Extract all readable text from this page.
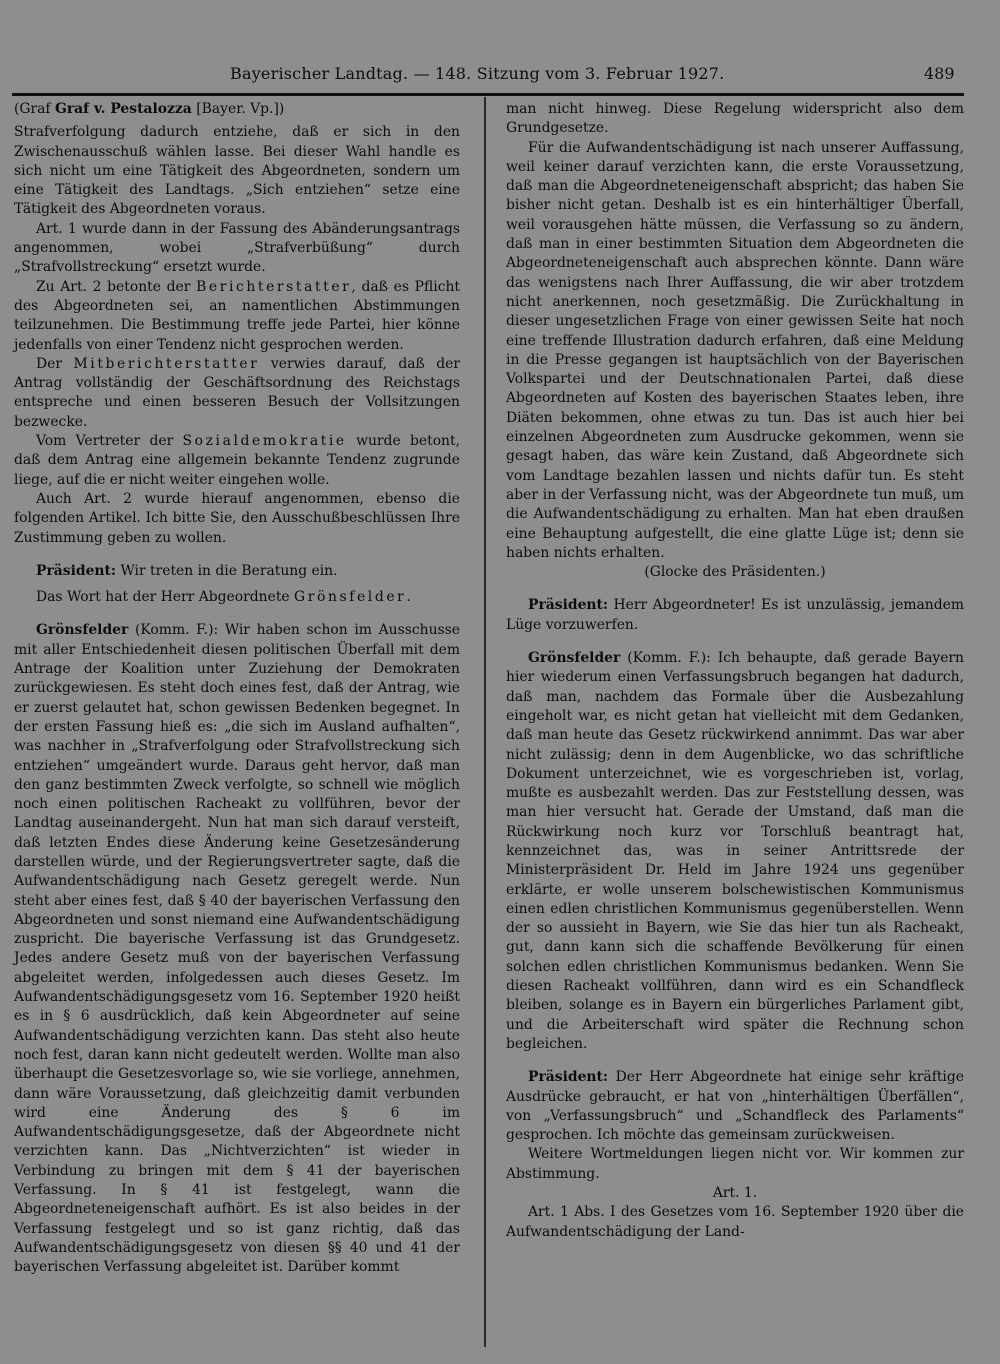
Bayerischer Landtag. — 148. Sitzung vom 3. Februar 1927.	489
(Graf Graf v. Pestalozza [Bayer. Vp.])

Strafverfolgung dadurch entziehe, daß er sich in den Zwischenausschuß wählen lasse. Bei dieser Wahl handle es sich nicht um eine Tätigkeit des Abgeordneten, sondern um eine Tätigkeit des Landtags. „Sich entziehen“ setze eine Tätigkeit des Abgeordneten voraus.

Art. 1 wurde dann in der Fassung des Abänderungsantrags angenommen, wobei „Strafverbüßung“ durch „Strafvollstreckung“ ersetzt wurde.

Zu Art. 2 betonte der Berichterstatter, daß es Pflicht des Abgeordneten sei, an namentlichen Abstimmungen teilzunehmen. Die Bestimmung treffe jede Partei, hier könne jedenfalls von einer Tendenz nicht gesprochen werden.

Der Mitberichterstatter verwies darauf, daß der Antrag vollständig der Geschäftsordnung des Reichstags entspreche und einen besseren Besuch der Vollsitzungen bezwecke.

Vom Vertreter der Sozialdemokratie wurde betont, daß dem Antrag eine allgemein bekannte Tendenz zugrunde liege, auf die er nicht weiter eingehen wolle.

Auch Art. 2 wurde hierauf angenommen, ebenso die folgenden Artikel. Ich bitte Sie, den Ausschußbeschlüssen Ihre Zustimmung geben zu wollen.

Präsident: Wir treten in die Beratung ein.

Das Wort hat der Herr Abgeordnete Grönsfelder.

Grönsfelder (Komm. F.): Wir haben schon im Ausschusse mit aller Entschiedenheit diesen politischen Überfall mit dem Antrage der Koalition unter Zuziehung der Demokraten zurückgewiesen. Es steht doch eines fest, daß der Antrag, wie er zuerst gelautet hat, schon gewissen Bedenken begegnet. In der ersten Fassung hieß es: „die sich im Ausland aufhalten“, was nachher in „Strafverfolgung oder Strafvollstreckung sich entziehen“ umgeändert wurde. Daraus geht hervor, daß man den ganz bestimmten Zweck verfolgte, so schnell wie möglich noch einen politischen Racheakt zu vollführen, bevor der Landtag auseinandergeht. Nun hat man sich darauf versteift, daß letzten Endes diese Änderung keine Gesetzesänderung darstellen würde, und der Regierungsvertreter sagte, daß die Aufwandentschädigung nach Gesetz geregelt werde. Nun steht aber eines fest, daß § 40 der bayerischen Verfassung den Abgeordneten und sonst niemand eine Aufwandentschädigung zuspricht. Die bayerische Verfassung ist das Grundgesetz. Jedes andere Gesetz muß von der bayerischen Verfassung abgeleitet werden, infolgedessen auch dieses Gesetz. Im Aufwandentschädigungsgesetz vom 16. September 1920 heißt es in § 6 ausdrücklich, daß kein Abgeordneter auf seine Aufwandentschädigung verzichten kann. Das steht also heute noch fest, daran kann nicht gedeutelt werden. Wollte man also überhaupt die Gesetzesvorlage so, wie sie vorliege, annehmen, dann wäre Voraussetzung, daß gleichzeitig damit verbunden wird eine Änderung des § 6 im Aufwandentschädigungsgesetze, daß der Abgeordnete nicht verzichten kann. Das „Nichtverzichten“ ist wieder in Verbindung zu bringen mit dem § 41 der bayerischen Verfassung. In § 41 ist festgelegt, wann die Abgeordneteneigenschaft aufhört. Es ist also beides in der Verfassung festgelegt und so ist ganz richtig, daß das Aufwandentschädigungsgesetz von diesen §§ 40 und 41 der bayerischen Verfassung abgeleitet ist. Darüber kommt

man nicht hinweg. Diese Regelung widerspricht also dem Grundgesetze.

Für die Aufwandentschädigung ist nach unserer Auffassung, weil keiner darauf verzichten kann, die erste Voraussetzung, daß man die Abgeordneteneigenschaft abspricht; das haben Sie bisher nicht getan. Deshalb ist es ein hinterhältiger Überfall, weil vorausgehen hätte müssen, die Verfassung so zu ändern, daß man in einer bestimmten Situation dem Abgeordneten die Abgeordneteneigenschaft auch absprechen könnte. Dann wäre das wenigstens nach Ihrer Auffassung, die wir aber trotzdem nicht anerkennen, noch gesetzmäßig. Die Zurückhaltung in dieser ungesetzlichen Frage von einer gewissen Seite hat noch eine treffende Illustration dadurch erfahren, daß eine Meldung in die Presse gegangen ist hauptsächlich von der Bayerischen Volkspartei und der Deutschnationalen Partei, daß diese Abgeordneten auf Kosten des bayerischen Staates leben, ihre Diäten bekommen, ohne etwas zu tun. Das ist auch hier bei einzelnen Abgeordneten zum Ausdrucke gekommen, wenn sie gesagt haben, das wäre kein Zustand, daß Abgeordnete sich vom Landtage bezahlen lassen und nichts dafür tun. Es steht aber in der Verfassung nicht, was der Abgeordnete tun muß, um die Aufwandentschädigung zu erhalten. Man hat eben draußen eine Behauptung aufgestellt, die eine glatte Lüge ist; denn sie haben nichts erhalten.

(Glocke des Präsidenten.)

Präsident: Herr Abgeordneter! Es ist unzulässig, jemandem Lüge vorzuwerfen.

Grönsfelder (Komm. F.): Ich behaupte, daß gerade Bayern hier wiederum einen Verfassungsbruch begangen hat dadurch, daß man, nachdem das Formale über die Ausbezahlung eingeholt war, es nicht getan hat vielleicht mit dem Gedanken, daß man heute das Gesetz rückwirkend annimmt. Das war aber nicht zulässig; denn in dem Augenblicke, wo das schriftliche Dokument unterzeichnet, wie es vorgeschrieben ist, vorlag, mußte es ausbezahlt werden. Das zur Feststellung dessen, was man hier versucht hat. Gerade der Umstand, daß man die Rückwirkung noch kurz vor Torschluß beantragt hat, kennzeichnet das, was in seiner Antrittsrede der Ministerpräsident Dr. Held im Jahre 1924 uns gegenüber erklärte, er wolle unserem bolschewistischen Kommunismus einen edlen christlichen Kommunismus gegenüberstellen. Wenn der so aussieht in Bayern, wie Sie das hier tun als Racheakt, gut, dann kann sich die schaffende Bevölkerung für einen solchen edlen christlichen Kommunismus bedanken. Wenn Sie diesen Racheakt vollführen, dann wird es ein Schandfleck bleiben, solange es in Bayern ein bürgerliches Parlament gibt, und die Arbeiterschaft wird später die Rechnung schon begleichen.

Präsident: Der Herr Abgeordnete hat einige sehr kräftige Ausdrücke gebraucht, er hat von „hinterhältigen Überfällen“, von „Verfassungsbruch“ und „Schandfleck des Parlaments“ gesprochen. Ich möchte das gemeinsam zurückweisen.

Weitere Wortmeldungen liegen nicht vor. Wir kommen zur Abstimmung.

Art. 1.

Art. 1 Abs. I des Gesetzes vom 16. September 1920 über die Aufwandentschädigung der Land-
